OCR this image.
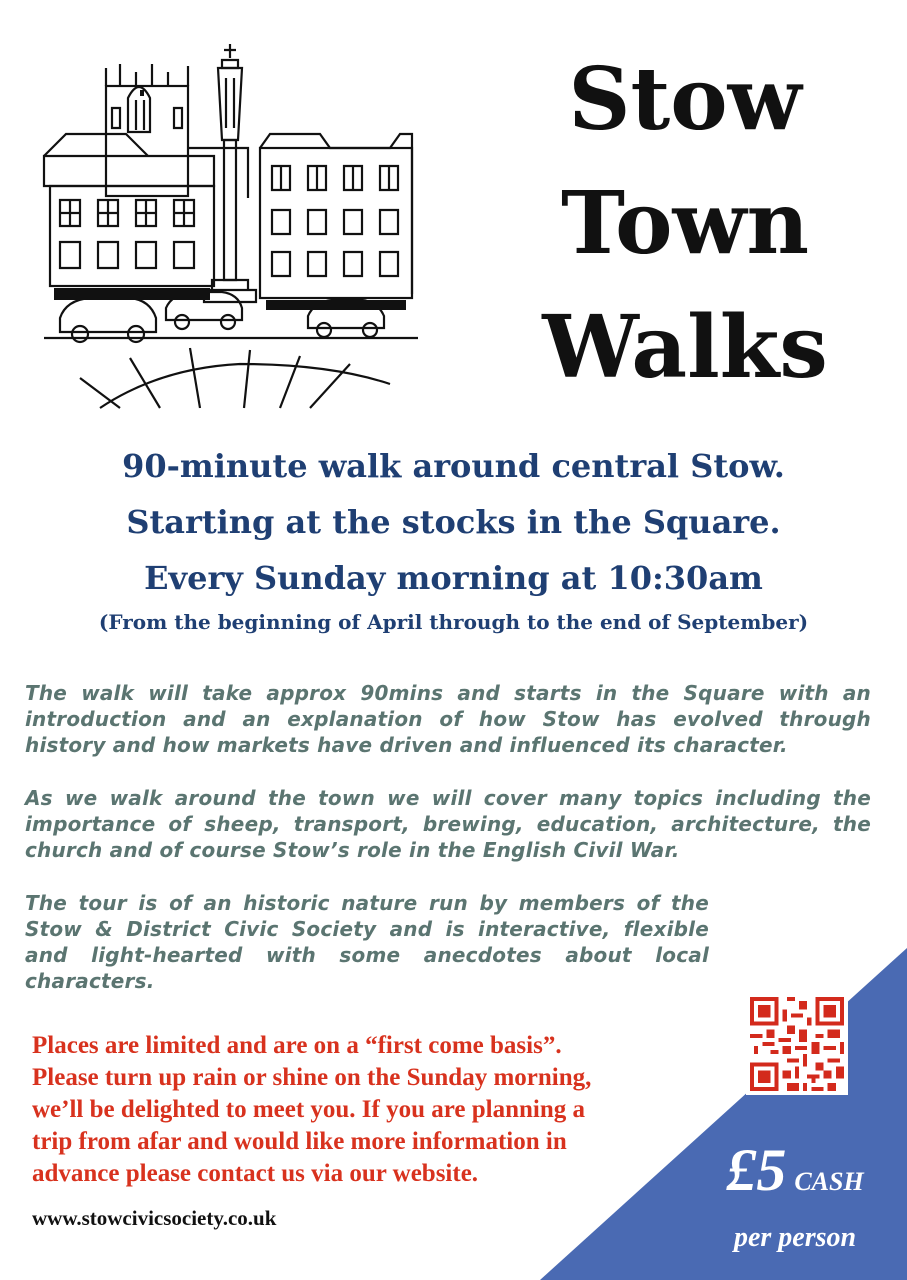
Stow
Town
Walks
90-minute walk around central Stow.
Starting at the stocks in the Square.
Every Sunday morning at 10:30am
(From the beginning of April through to the end of September)
The walk will take approx 90mins and starts in the Square with an introduction and an explanation of how Stow has evolved through history and how markets have driven and influenced its character.
As we walk around the town we will cover many topics including the importance of sheep, transport, brewing, education, architecture, the church and of course Stow’s role in the English Civil War.
The tour is of an historic nature run by members of the Stow & District Civic Society and is interactive, flexible and light-hearted with some anecdotes about local characters.
Places are limited and are on a “first come basis”.
Please turn up rain or shine on the Sunday morning,
we’ll be delighted to meet you. If you are planning a
trip from afar and would like more information in
advance please contact us via our website.
www.stowcivicsociety.co.uk
£5 CASH
per person
